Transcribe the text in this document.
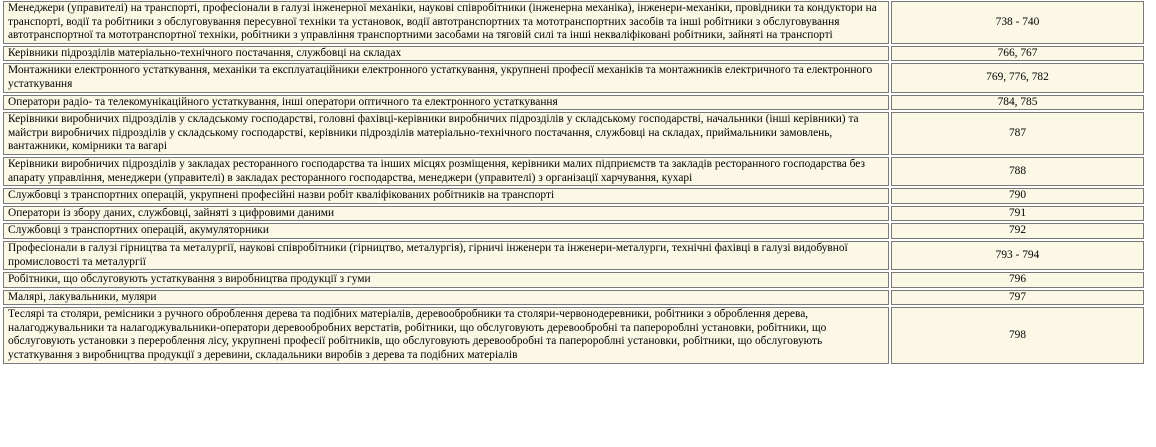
Менеджери (управителі) на транспорті, професіонали в галузі інженерної механіки, наукові співробітники (інженерна механіка), інженери-механіки, провідники та кондуктори на транспорті, водії та робітники з обслуговування пересувної техніки та установок, водії автотранспортних та мототранспортних засобів та інші робітники з обслуговування автотранспортної та мототранспортної техніки, робітники з управління транспортними засобами на тяговій силі та інші некваліфіковані робітники, зайняті на транспорті	738 - 740
Керівники підрозділів матеріально-технічного постачання, службовці на складах	766, 767
Монтажники електронного устаткування, механіки та експлуатаційники електронного устаткування, укрупнені професії механіків та монтажників електричного та електронного устаткування	769, 776, 782
Оператори радіо- та телекомунікаційного устаткування, інші оператори оптичного та електронного устаткування	784, 785
Керівники виробничих підрозділів у складському господарстві, головні фахівці-керівники виробничих підрозділів у складському господарстві, начальники (інші керівники) та майстри виробничих підрозділів у складському господарстві, керівники підрозділів матеріально-технічного постачання, службовці на складах, приймальники замовлень, вантажники, комірники та вагарі	787
Керівники виробничих підрозділів у закладах ресторанного господарства та інших місцях розміщення, керівники малих підприємств та закладів ресторанного господарства без апарату управління, менеджери (управителі) в закладах ресторанного господарства, менеджери (управителі) з організації харчування, кухарі	788
Службовці з транспортних операцій, укрупнені професійні назви робіт кваліфікованих робітників на транспорті	790
Оператори із збору даних, службовці, зайняті з цифровими даними	791
Службовці з транспортних операцій, акумуляторники	792
Професіонали в галузі гірництва та металургії, наукові співробітники (гірництво, металургія), гірничі інженери та інженери-металурги, технічні фахівці в галузі видобувної промисловості та металургії	793 - 794
Робітники, що обслуговують устаткування з виробництва продукції з гуми	796
Малярі, лакувальники, муляри	797
Теслярі та столяри, ремісники з ручного оброблення дерева та подібних матеріалів, деревообробники та столяри-червонодеревники, робітники з оброблення дерева, налагоджувальники та налагоджувальники-оператори деревообробних верстатів, робітники, що обслуговують деревообробні та паперороблні установки, робітники, що обслуговують установки з перероблення лісу, укрупнені професії робітників, що обслуговують деревообробні та паперороблні установки, робітники, що обслуговують устаткування з виробництва продукції з деревини, складальники виробів з дерева та подібних матеріалів	798
